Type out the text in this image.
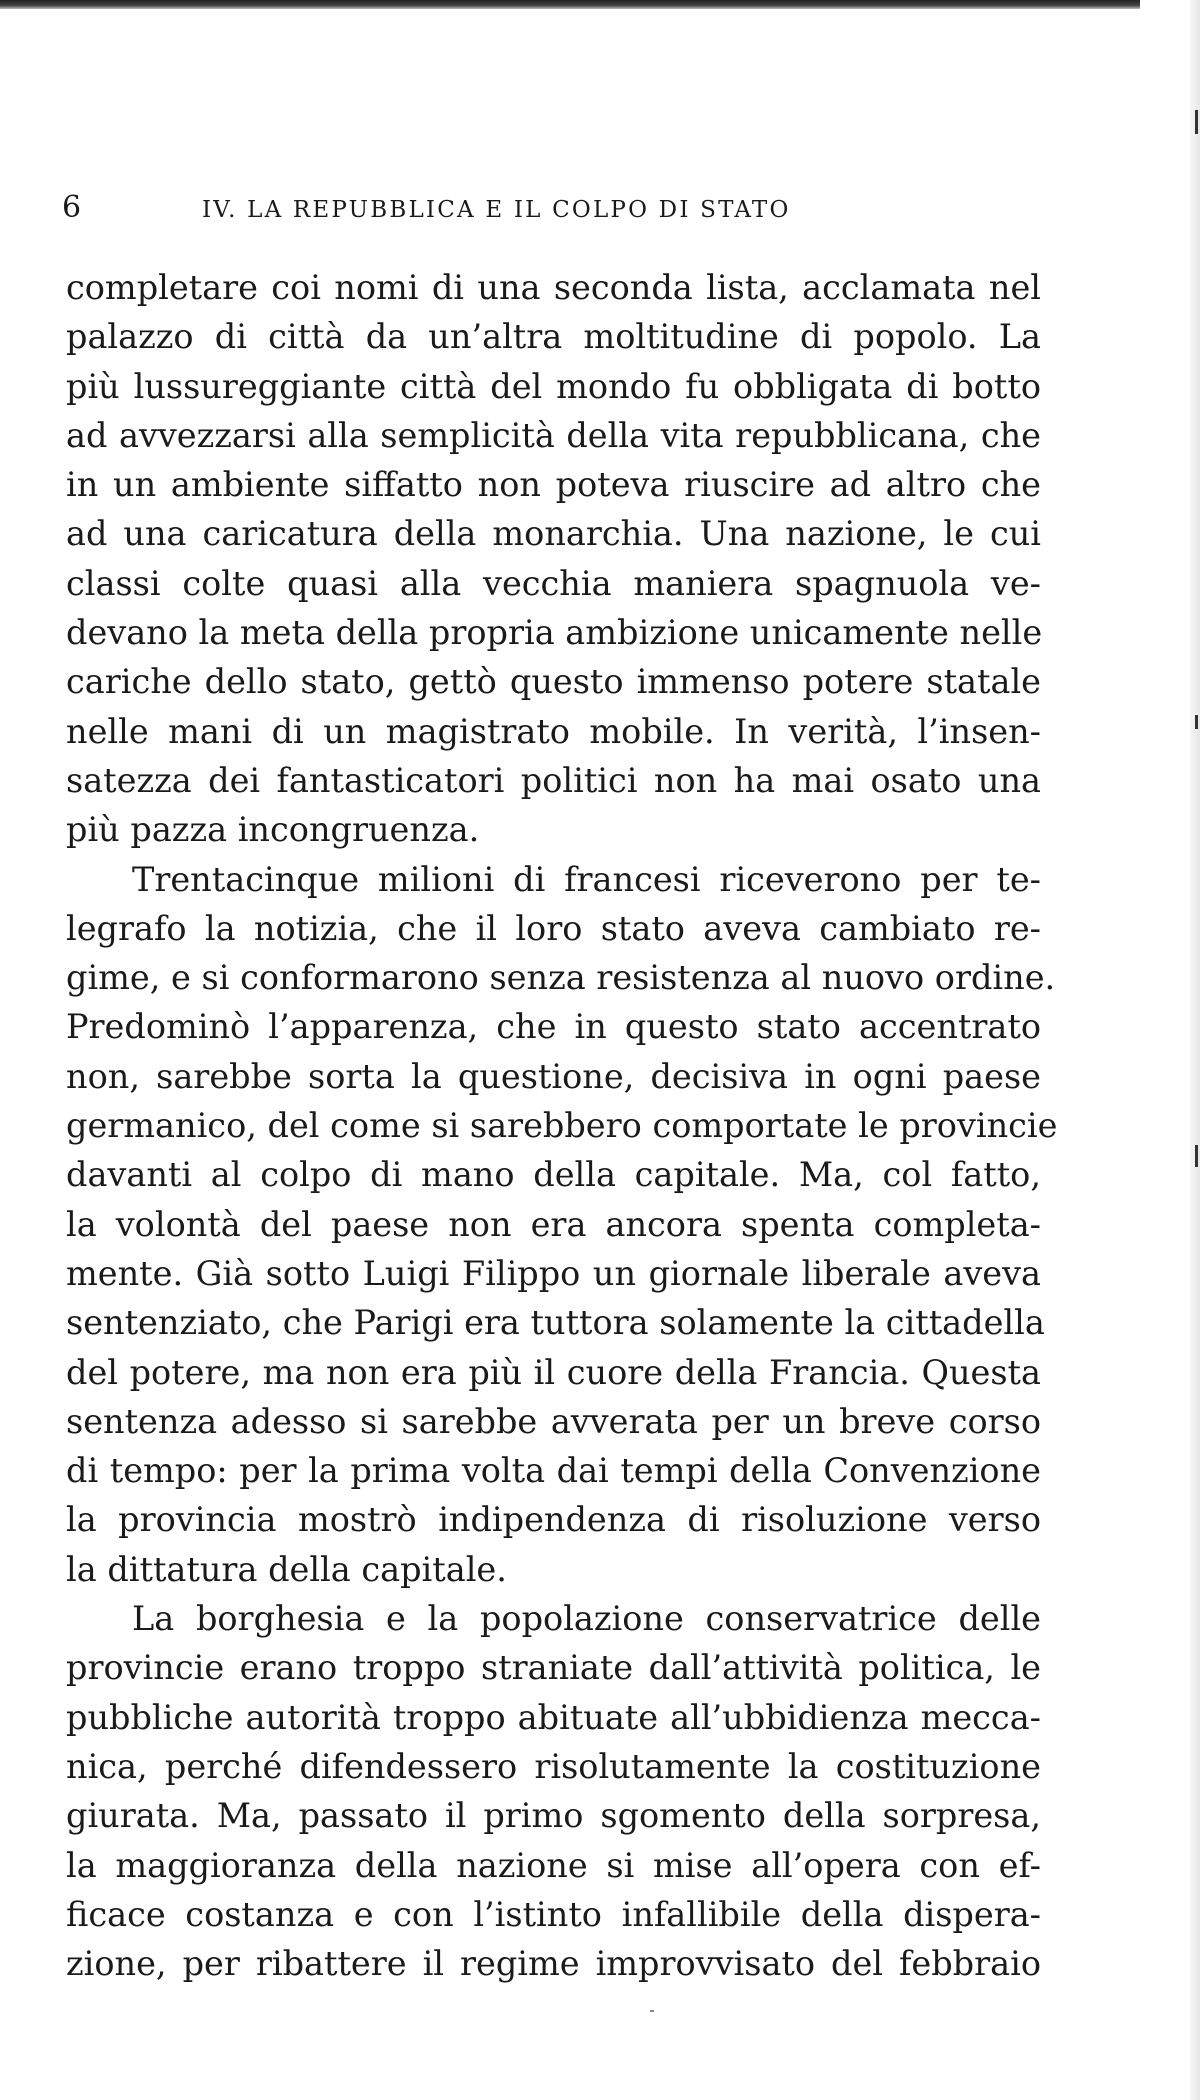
6	IV. LA REPUBBLICA E IL COLPO DI STATO
completare coi nomi di una seconda lista, acclamata nel
palazzo di città da un’altra moltitudine di popolo. La
più lussureggiante città del mondo fu obbligata di botto
ad avvezzarsi alla semplicità della vita repubblicana, che
in un ambiente siffatto non poteva riuscire ad altro che
ad una caricatura della monarchia. Una nazione, le cui
classi colte quasi alla vecchia maniera spagnuola ve-
devano la meta della propria ambizione unicamente nelle
cariche dello stato, gettò questo immenso potere statale
nelle mani di un magistrato mobile. In verità, l’insen-
satezza dei fantasticatori politici non ha mai osato una
più pazza incongruenza.
Trentacinque milioni di francesi riceverono per te-
legrafo la notizia, che il loro stato aveva cambiato re-
gime, e si conformarono senza resistenza al nuovo ordine.
Predominò l’apparenza, che in questo stato accentrato
non, sarebbe sorta la questione, decisiva in ogni paese
germanico, del come si sarebbero comportate le provincie
davanti al colpo di mano della capitale. Ma, col fatto,
la volontà del paese non era ancora spenta completa-
mente. Già sotto Luigi Filippo un giornale liberale aveva
sentenziato, che Parigi era tuttora solamente la cittadella
del potere, ma non era più il cuore della Francia. Questa
sentenza adesso si sarebbe avverata per un breve corso
di tempo: per la prima volta dai tempi della Convenzione
la provincia mostrò indipendenza di risoluzione verso
la dittatura della capitale.
La borghesia e la popolazione conservatrice delle
provincie erano troppo straniate dall’attività politica, le
pubbliche autorità troppo abituate all’ubbidienza mecca-
nica, perché difendessero risolutamente la costituzione
giurata. Ma, passato il primo sgomento della sorpresa,
la maggioranza della nazione si mise all’opera con ef-
ficace costanza e con l’istinto infallibile della dispera-
zione, per ribattere il regime improvvisato del febbraio
